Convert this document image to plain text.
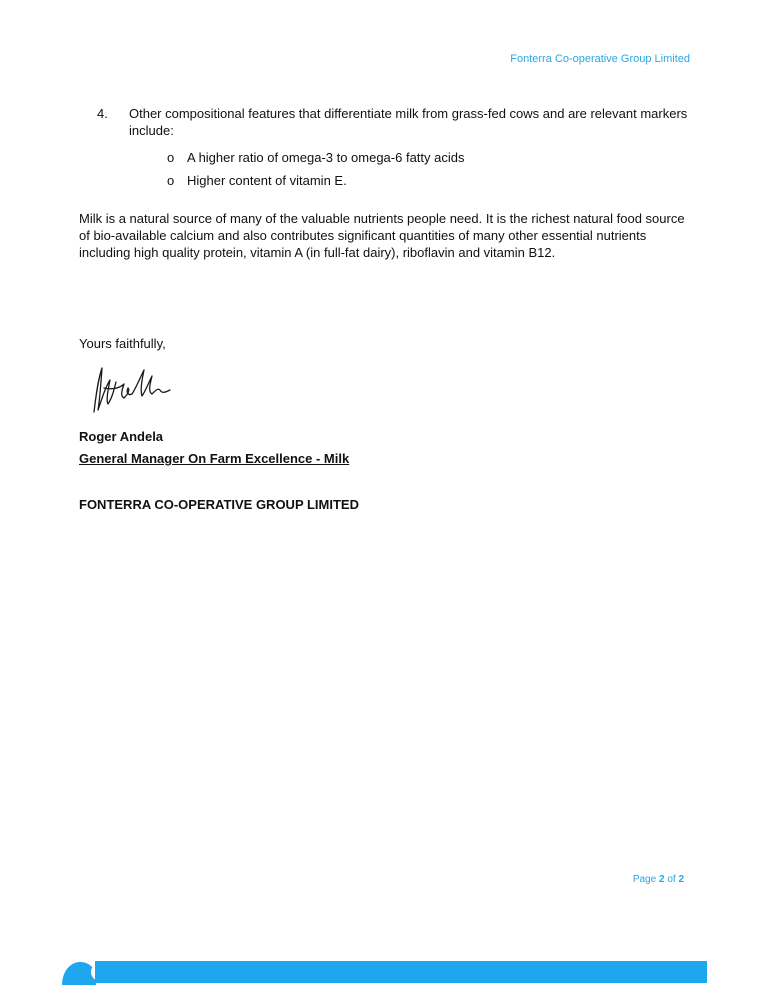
Fonterra Co-operative Group Limited
4.	Other compositional features that differentiate milk from grass-fed cows and are relevant markers include:
o A higher ratio of omega-3 to omega-6 fatty acids
o Higher content of vitamin E.
Milk is a natural source of many of the valuable nutrients people need. It is the richest natural food source of bio-available calcium and also contributes significant quantities of many other essential nutrients including high quality protein, vitamin A (in full-fat dairy), riboflavin and vitamin B12.
Yours faithfully,
Roger Andela
General Manager On Farm Excellence - Milk
FONTERRA CO-OPERATIVE GROUP LIMITED
Page 2 of 2
